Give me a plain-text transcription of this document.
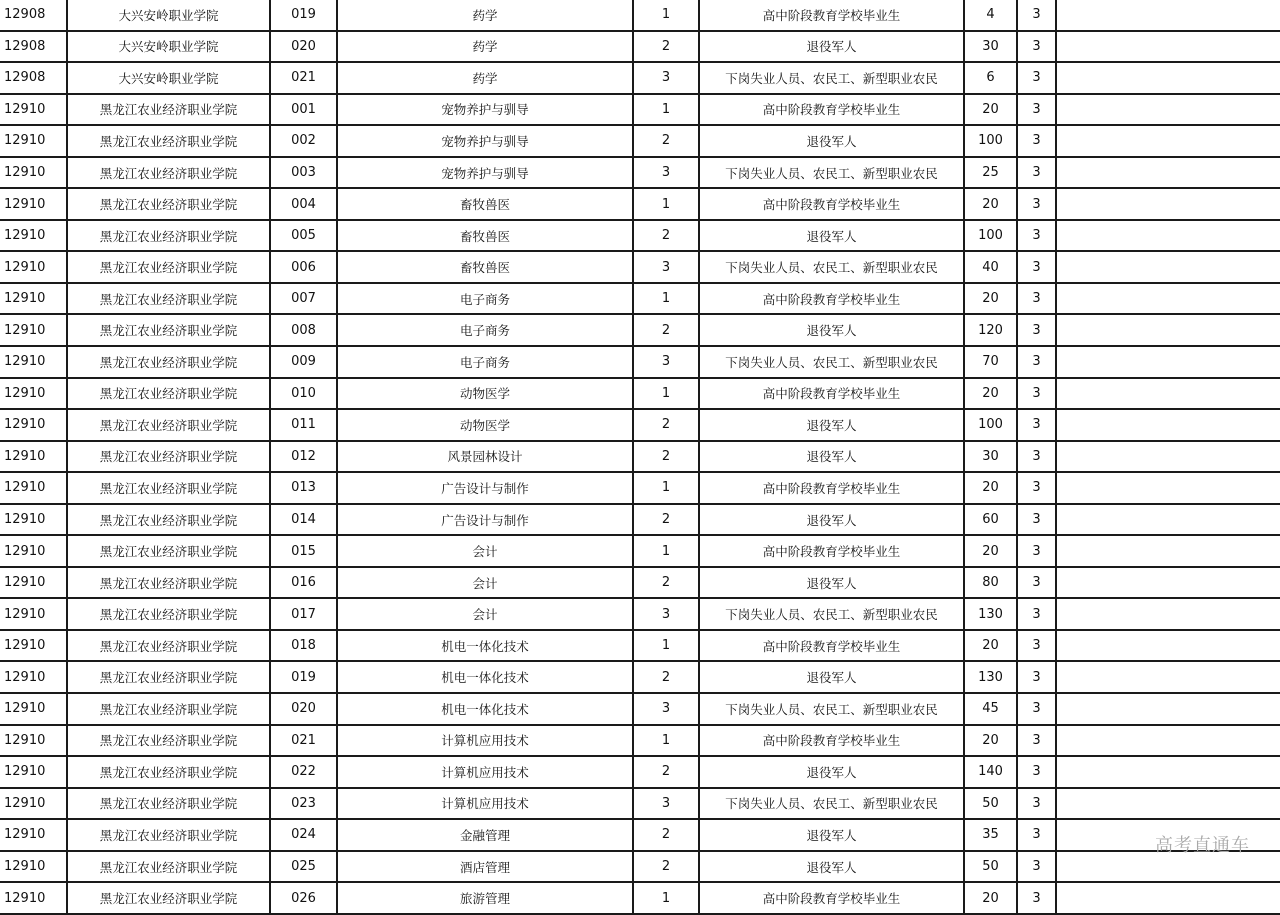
12908	大兴安岭职业学院	019	药学	1	高中阶段教育学校毕业生	4	3	
12908	大兴安岭职业学院	020	药学	2	退役军人	30	3	
12908	大兴安岭职业学院	021	药学	3	下岗失业人员、农民工、新型职业农民	6	3	
12910	黑龙江农业经济职业学院	001	宠物养护与驯导	1	高中阶段教育学校毕业生	20	3	
12910	黑龙江农业经济职业学院	002	宠物养护与驯导	2	退役军人	100	3	
12910	黑龙江农业经济职业学院	003	宠物养护与驯导	3	下岗失业人员、农民工、新型职业农民	25	3	
12910	黑龙江农业经济职业学院	004	畜牧兽医	1	高中阶段教育学校毕业生	20	3	
12910	黑龙江农业经济职业学院	005	畜牧兽医	2	退役军人	100	3	
12910	黑龙江农业经济职业学院	006	畜牧兽医	3	下岗失业人员、农民工、新型职业农民	40	3	
12910	黑龙江农业经济职业学院	007	电子商务	1	高中阶段教育学校毕业生	20	3	
12910	黑龙江农业经济职业学院	008	电子商务	2	退役军人	120	3	
12910	黑龙江农业经济职业学院	009	电子商务	3	下岗失业人员、农民工、新型职业农民	70	3	
12910	黑龙江农业经济职业学院	010	动物医学	1	高中阶段教育学校毕业生	20	3	
12910	黑龙江农业经济职业学院	011	动物医学	2	退役军人	100	3	
12910	黑龙江农业经济职业学院	012	风景园林设计	2	退役军人	30	3	
12910	黑龙江农业经济职业学院	013	广告设计与制作	1	高中阶段教育学校毕业生	20	3	
12910	黑龙江农业经济职业学院	014	广告设计与制作	2	退役军人	60	3	
12910	黑龙江农业经济职业学院	015	会计	1	高中阶段教育学校毕业生	20	3	
12910	黑龙江农业经济职业学院	016	会计	2	退役军人	80	3	
12910	黑龙江农业经济职业学院	017	会计	3	下岗失业人员、农民工、新型职业农民	130	3	
12910	黑龙江农业经济职业学院	018	机电一体化技术	1	高中阶段教育学校毕业生	20	3	
12910	黑龙江农业经济职业学院	019	机电一体化技术	2	退役军人	130	3	
12910	黑龙江农业经济职业学院	020	机电一体化技术	3	下岗失业人员、农民工、新型职业农民	45	3	
12910	黑龙江农业经济职业学院	021	计算机应用技术	1	高中阶段教育学校毕业生	20	3	
12910	黑龙江农业经济职业学院	022	计算机应用技术	2	退役军人	140	3	
12910	黑龙江农业经济职业学院	023	计算机应用技术	3	下岗失业人员、农民工、新型职业农民	50	3	
12910	黑龙江农业经济职业学院	024	金融管理	2	退役军人	35	3	
12910	黑龙江农业经济职业学院	025	酒店管理	2	退役军人	50	3	
12910	黑龙江农业经济职业学院	026	旅游管理	1	高中阶段教育学校毕业生	20	3	
高考直通车
